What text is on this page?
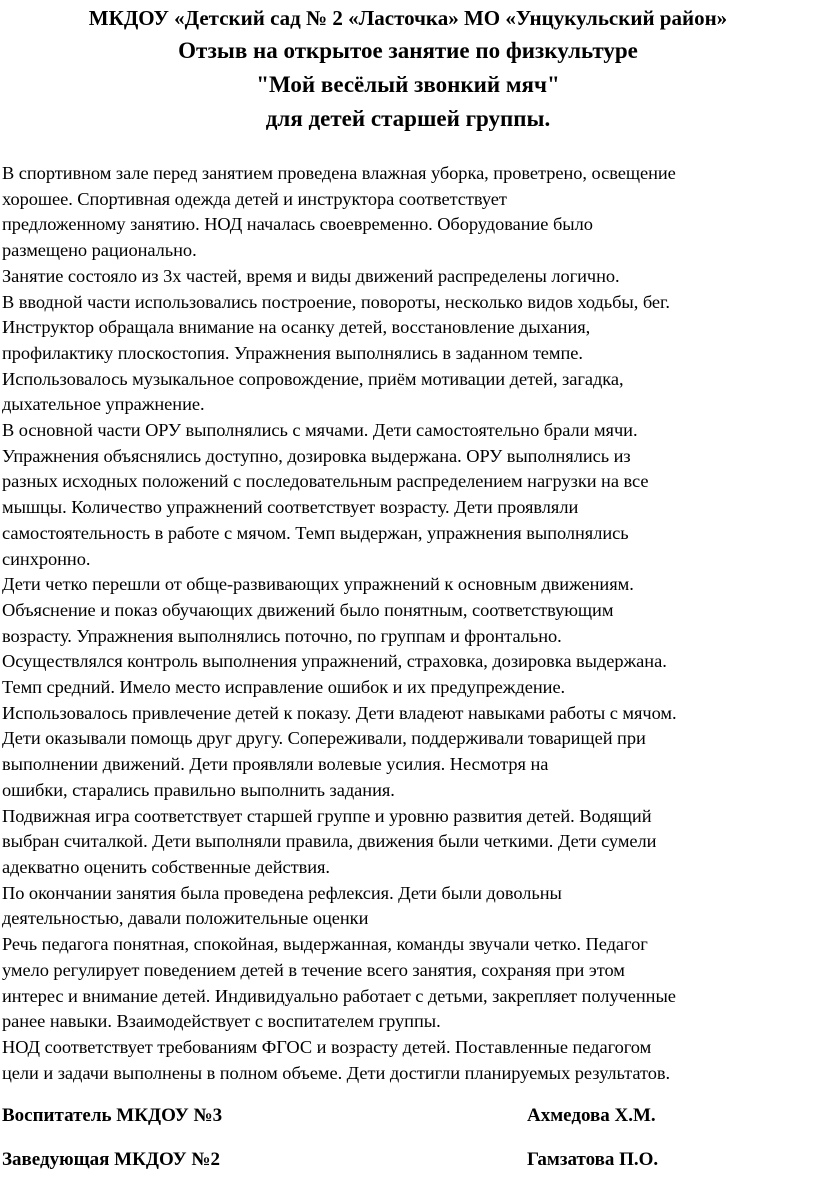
МКДОУ «Детский сад № 2 «Ласточка» МО «Унцукульский район»
Отзыв на открытое занятие по физкультуре
"Мой весёлый звонкий мяч"
для детей старшей группы.
В спортивном зале перед занятием проведена влажная уборка, проветрено, освещение
хорошее. Спортивная одежда детей и инструктора соответствует
предложенному занятию. НОД началась своевременно. Оборудование было
размещено рационально.
Занятие состояло из 3х частей, время и виды движений распределены логично.
В вводной части использовались построение, повороты, несколько видов ходьбы, бег.
Инструктор обращала внимание на осанку детей, восстановление дыхания,
профилактику плоскостопия. Упражнения выполнялись в заданном темпе.
Использовалось музыкальное сопровождение, приём мотивации детей, загадка,
дыхательное упражнение.
В основной части ОРУ выполнялись с мячами. Дети самостоятельно брали мячи.
Упражнения объяснялись доступно, дозировка выдержана. ОРУ выполнялись из
разных исходных положений с последовательным распределением нагрузки на все
мышцы. Количество упражнений соответствует возрасту. Дети проявляли
самостоятельность в работе с мячом. Темп выдержан, упражнения выполнялись
синхронно.
Дети четко перешли от обще-развивающих упражнений к основным движениям.
Объяснение и показ обучающих движений было понятным, соответствующим
возрасту. Упражнения выполнялись поточно, по группам и фронтально.
Осуществлялся контроль выполнения упражнений, страховка, дозировка выдержана.
Темп средний. Имело место исправление ошибок и их предупреждение.
Использовалось привлечение детей к показу. Дети владеют навыками работы с мячом.
Дети оказывали помощь друг другу. Сопереживали, поддерживали товарищей при
выполнении движений. Дети проявляли волевые усилия. Несмотря на
ошибки, старались правильно выполнить задания.
Подвижная игра соответствует старшей группе и уровню развития детей. Водящий
выбран считалкой. Дети выполняли правила, движения были четкими. Дети сумели
адекватно оценить собственные действия.
По окончании занятия была проведена рефлексия. Дети были довольны
деятельностью, давали положительные оценки
Речь педагога понятная, спокойная, выдержанная, команды звучали четко. Педагог
умело регулирует поведением детей в течение всего занятия, сохраняя при этом
интерес и внимание детей. Индивидуально работает с детьми, закрепляет полученные
ранее навыки. Взаимодействует с воспитателем группы.
НОД соответствует требованиям ФГОС и возрасту детей. Поставленные педагогом
цели и задачи выполнены в полном объеме. Дети достигли планируемых результатов.
Воспитатель МКДОУ №3	Ахмедова Х.М.
Заведующая МКДОУ №2	Гамзатова П.О.
